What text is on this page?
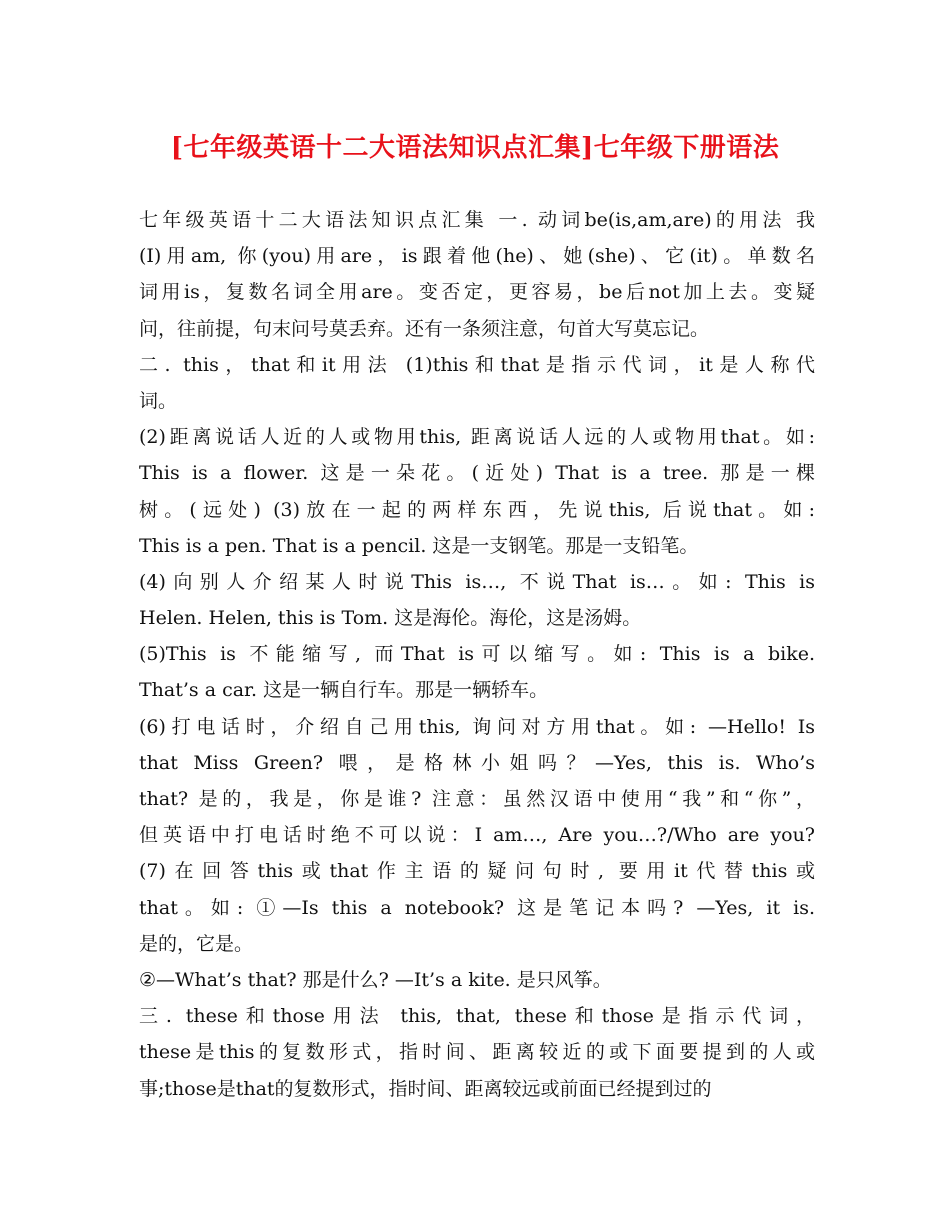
[七年级英语十二大语法知识点汇集]七年级下册语法
七年级英语十二大语法知识点汇集 一. 动词be(is,am,are)的用法 我
(I)用am, 你(you)用are，is跟着他(he)、她(she)、它(it)。单数名
词用is，复数名词全用are。变否定，更容易，be后not加上去。变疑
问，往前提，句末问号莫丢弃。还有一条须注意，句首大写莫忘记。
二. this，that和it用法 (1)this和that是指示代词，it是人称代
词。
(2)距离说话人近的人或物用this, 距离说话人远的人或物用that。如:
This is a flower. 这是一朵花。(近处) That is a tree. 那是一棵
树。(远处) (3)放在一起的两样东西，先说this, 后说that。如:
This is a pen. That is a pencil. 这是一支钢笔。那是一支铅笔。
(4)向别人介绍某人时说This is…, 不说That is…。如: This is
Helen. Helen, this is Tom. 这是海伦。海伦，这是汤姆。
(5)This is 不能缩写, 而That is可以缩写。如: This is a bike.
That’s a car. 这是一辆自行车。那是一辆轿车。
(6)打电话时，介绍自己用this, 询问对方用that。如: —Hello! Is
that Miss Green? 喂，是格林小姐吗？—Yes, this is. Who’s
that? 是的，我是，你是谁? 注意：虽然汉语中使用“我”和“你”，
但英语中打电话时绝不可以说：I am…, Are you…?/Who are you?
(7)在回答this或that作主语的疑问句时, 要用it代替this或
that。如: ①—Is this a notebook? 这是笔记本吗? —Yes, it is.
是的，它是。
②—What’s that? 那是什么? —It’s a kite. 是只风筝。
三. these和those用法 this, that, these和those是指示代词，
these是this的复数形式，指时间、距离较近的或下面要提到的人或
事;those是that的复数形式，指时间、距离较远或前面已经提到过的
